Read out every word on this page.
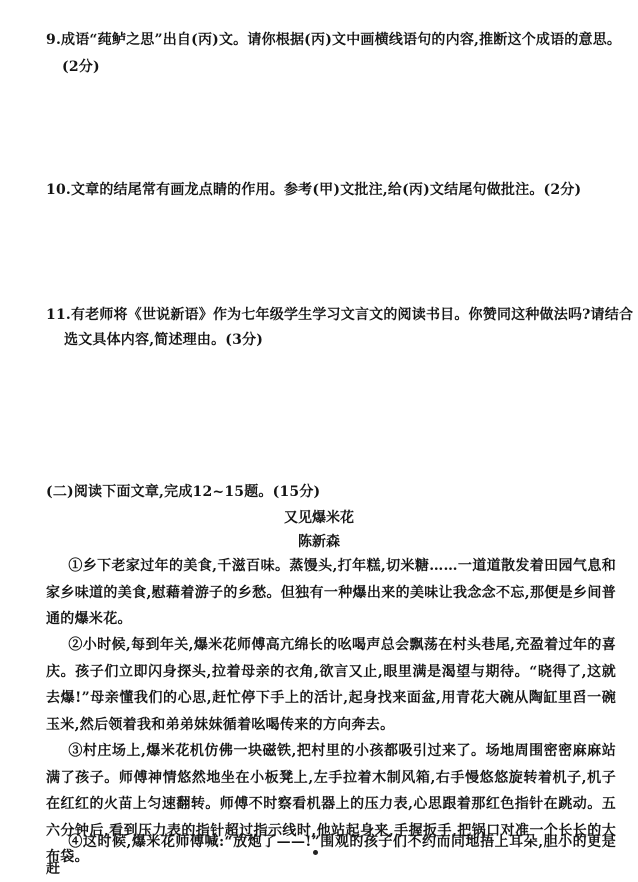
9.成语“莼鲈之思”出自(丙)文。请你根据(丙)文中画横线语句的内容,推断这个成语的意思。
(2分)
10.文章的结尾常有画龙点睛的作用。参考(甲)文批注,给(丙)文结尾句做批注。(2分)
11.有老师将《世说新语》作为七年级学生学习文言文的阅读书目。你赞同这种做法吗?请结合
选文具体内容,简述理由。(3分)
(二)阅读下面文章,完成12~15题。(15分)
又见爆米花
陈新森
①乡下老家过年的美食,千滋百味。蒸馒头,打年糕,切米糖……一道道散发着田园气息和家乡味道的美食,慰藉着游子的乡愁。但独有一种爆出来的美味让我念念不忘,那便是乡间普通的爆米花。
②小时候,每到年关,爆米花师傅高亢绵长的吆喝声总会飘荡在村头巷尾,充盈着过年的喜庆。孩子们立即闪身探头,拉着母亲的衣角,欲言又止,眼里满是渴望与期待。“晓得了,这就去爆!”母亲懂我们的心思,赶忙停下手上的活计,起身找来面盆,用青花大碗从陶缸里舀一碗玉米,然后领着我和弟弟妹妹循着吆喝传来的方向奔去。
③村庄场上,爆米花机仿佛一块磁铁,把村里的小孩都吸引过来了。场地周围密密麻麻站满了孩子。师傅神情悠然地坐在小板凳上,左手拉着木制风箱,右手慢悠悠旋转着机子,机子在红红的火苗上匀速翻转。师傅不时察看机器上的压力表,心思跟着那红色指针在跳动。五六分钟后,看到压力表的指针超过指示线时,他站起身来,手握扳手,把锅口对准一个长长的大布袋。
④这时候,爆米花师傅喊:“放炮了——!”围观的孩子们不约而同地捂上耳朵,胆小的更是赶
